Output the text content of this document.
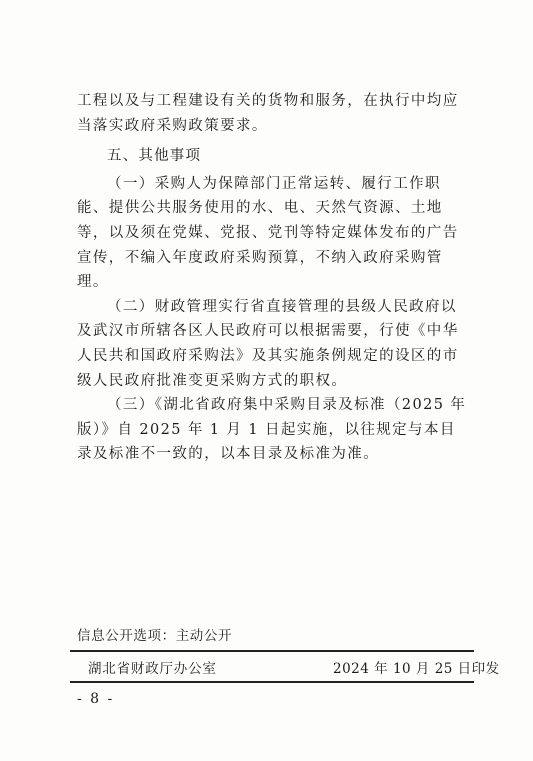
工程以及与工程建设有关的货物和服务，在执行中均应当落实政府采购政策要求。

五、其他事项

（一）采购人为保障部门正常运转、履行工作职能、提供公共服务使用的水、电、天然气资源、土地等，以及须在党媒、党报、党刊等特定媒体发布的广告宣传，不编入年度政府采购预算，不纳入政府采购管理。

（二）财政管理实行省直接管理的县级人民政府以及武汉市所辖各区人民政府可以根据需要，行使《中华人民共和国政府采购法》及其实施条例规定的设区的市级人民政府批准变更采购方式的职权。

（三）《湖北省政府集中采购目录及标准（2025 年版）》自 2025 年 1 月 1 日起实施，以往规定与本目录及标准不一致的，以本目录及标准为准。

信息公开选项：主动公开
湖北省财政厅办公室	2024 年 10 月 25 日印发
- 8 -
